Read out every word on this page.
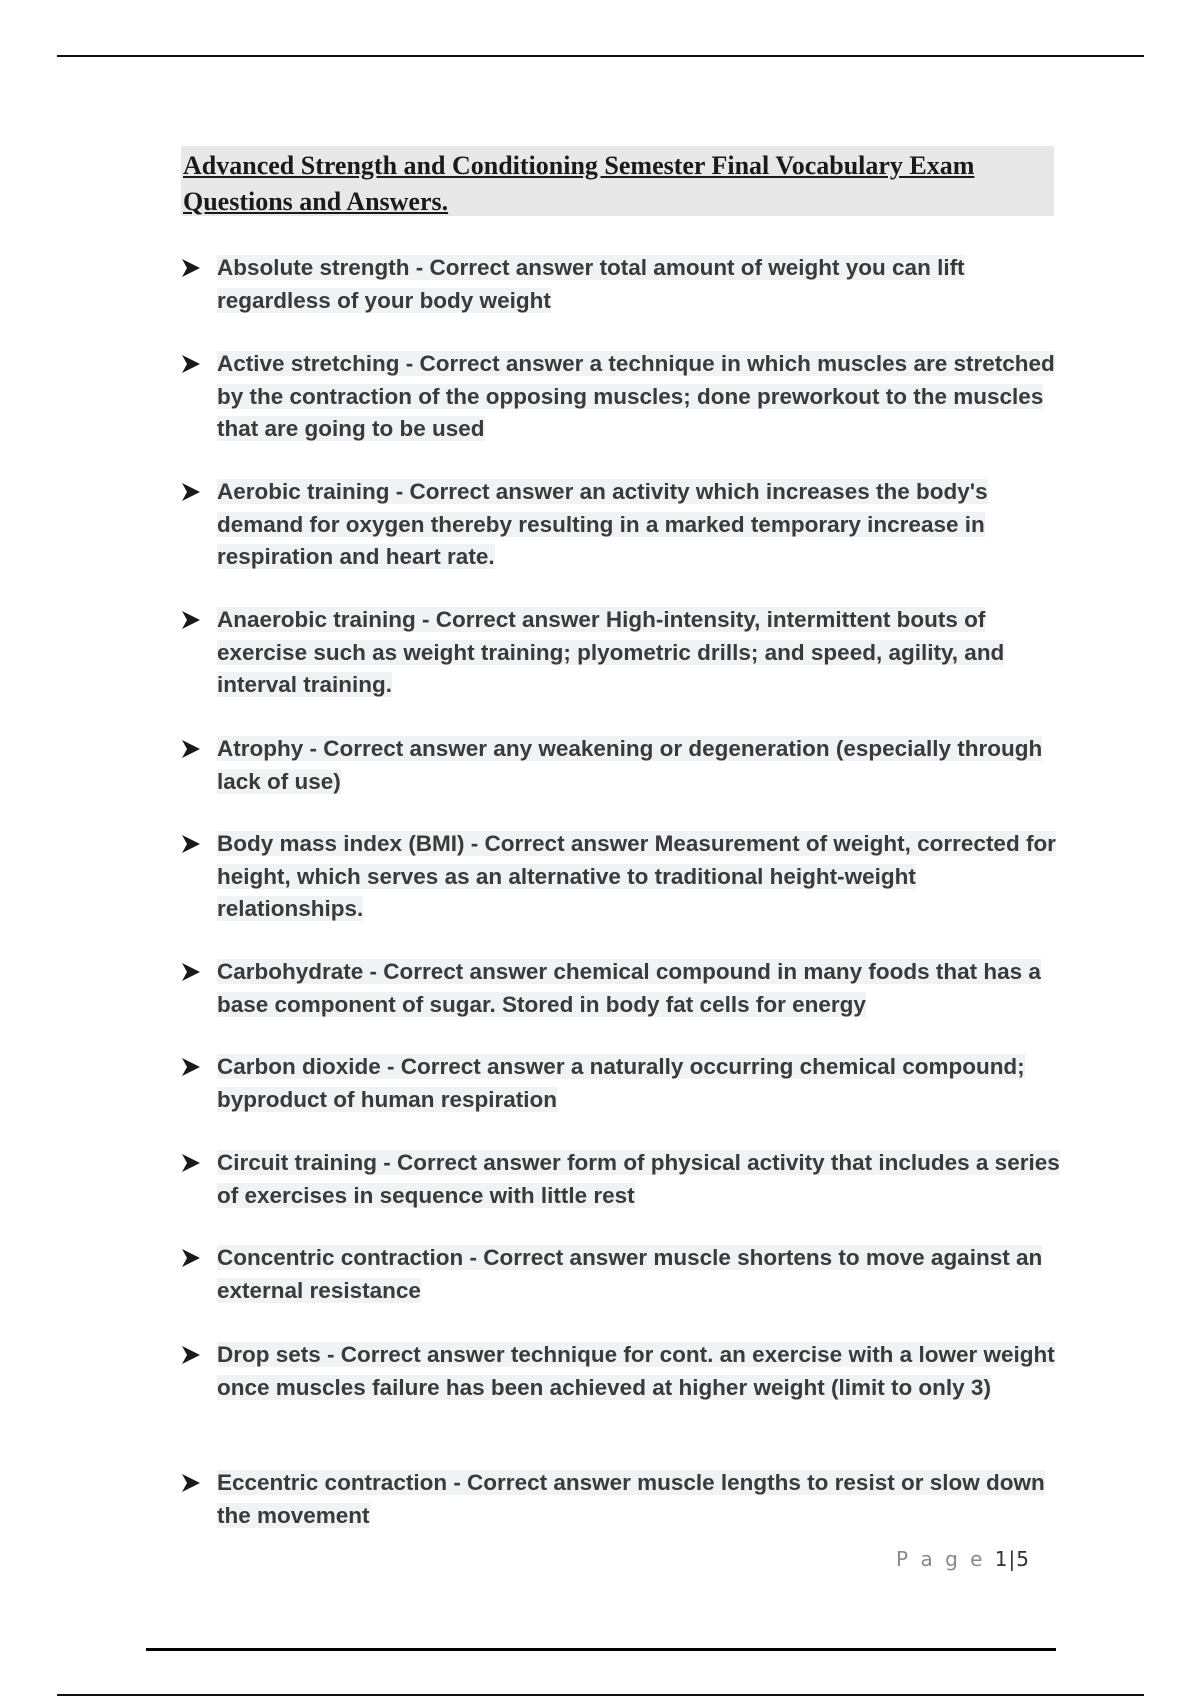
Advanced Strength and Conditioning Semester Final Vocabulary Exam Questions and Answers.
Absolute strength - Correct answer total amount of weight you can lift regardless of your body weight
Active stretching - Correct answer a technique in which muscles are stretched by the contraction of the opposing muscles; done preworkout to the muscles that are going to be used
Aerobic training - Correct answer an activity which increases the body's demand for oxygen thereby resulting in a marked temporary increase in respiration and heart rate.
Anaerobic training - Correct answer High-intensity, intermittent bouts of exercise such as weight training; plyometric drills; and speed, agility, and interval training.
Atrophy - Correct answer any weakening or degeneration (especially through lack of use)
Body mass index (BMI) - Correct answer Measurement of weight, corrected for height, which serves as an alternative to traditional height-weight relationships.
Carbohydrate - Correct answer chemical compound in many foods that has a base component of sugar. Stored in body fat cells for energy
Carbon dioxide - Correct answer a naturally occurring chemical compound; byproduct of human respiration
Circuit training - Correct answer form of physical activity that includes a series of exercises in sequence with little rest
Concentric contraction - Correct answer muscle shortens to move against an external resistance
Drop sets - Correct answer technique for cont. an exercise with a lower weight once muscles failure has been achieved at higher weight (limit to only 3)
Eccentric contraction - Correct answer muscle lengths to resist or slow down the movement
P a g e 1|5
